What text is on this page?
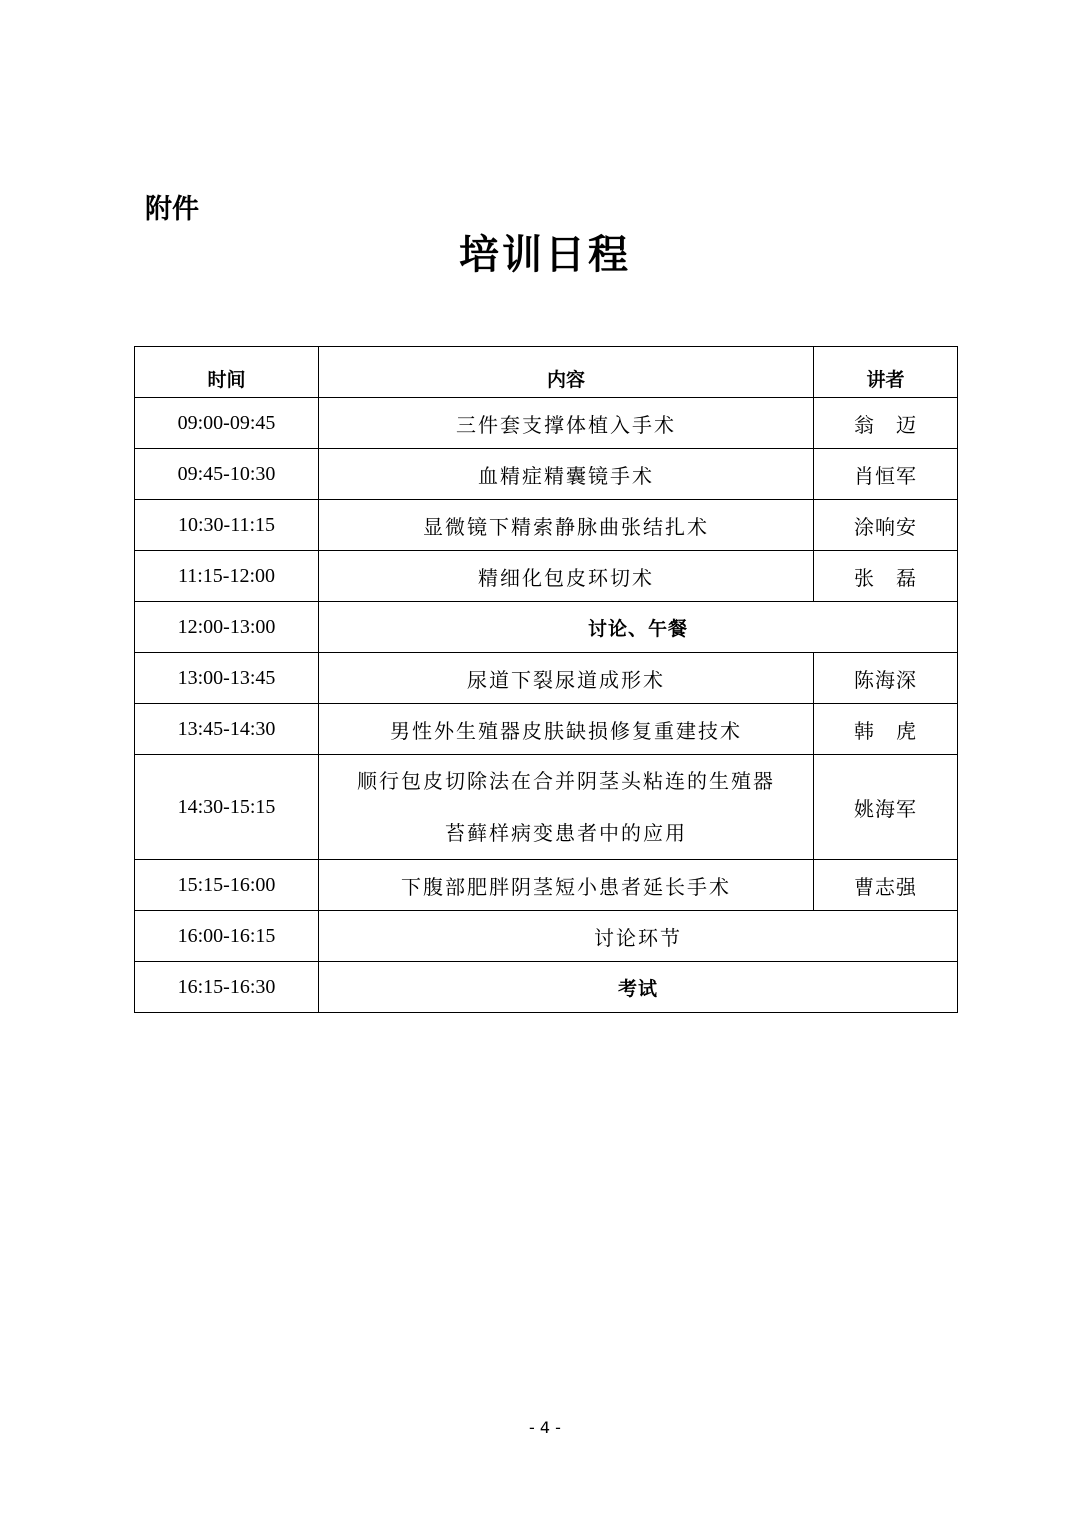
附件
培训日程
时间	内容	讲者
09:00-09:45	三件套支撑体植入手术	翁　迈
09:45-10:30	血精症精囊镜手术	肖恒军
10:30-11:15	显微镜下精索静脉曲张结扎术	涂响安
11:15-12:00	精细化包皮环切术	张　磊
12:00-13:00	讨论、午餐	
13:00-13:45	尿道下裂尿道成形术	陈海深
13:45-14:30	男性外生殖器皮肤缺损修复重建技术	韩　虎
14:30-15:15	顺行包皮切除法在合并阴茎头粘连的生殖器
苔藓样病变患者中的应用	姚海军
15:15-16:00	下腹部肥胖阴茎短小患者延长手术	曹志强
16:00-16:15	讨论环节	
16:15-16:30	考试	
- 4 -
